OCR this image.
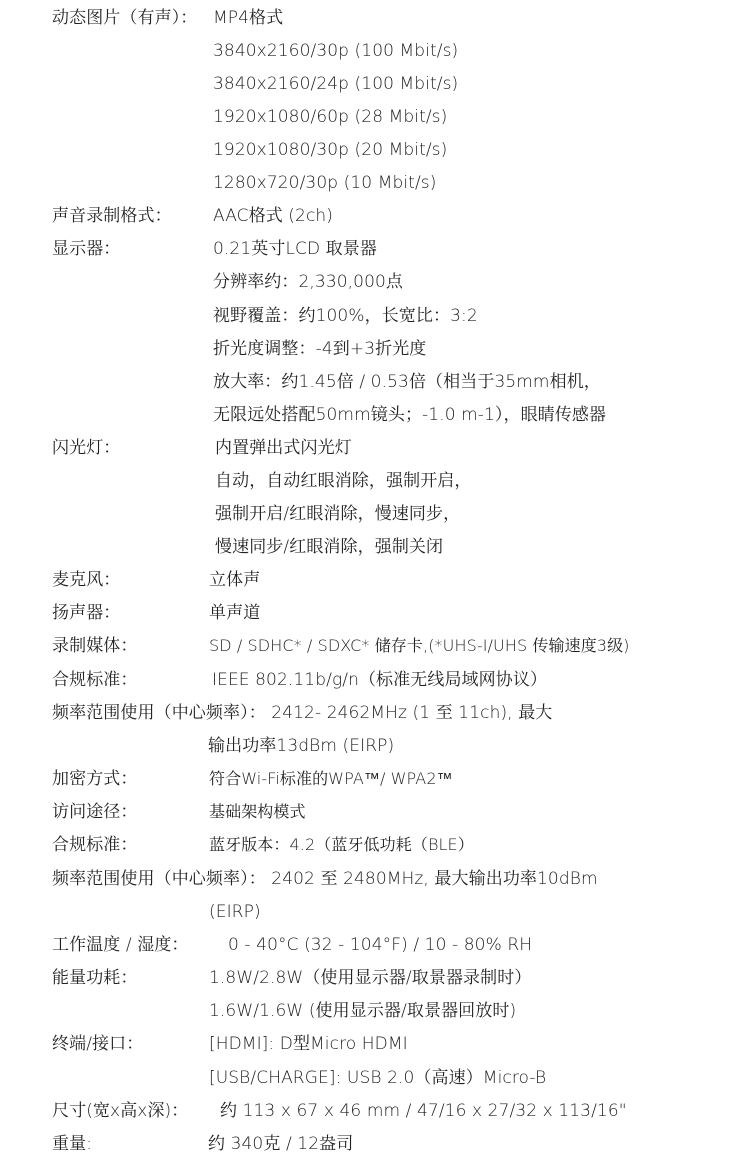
动态图片（有声）： MP4格式
3840x2160/30p (100 Mbit/s)
3840x2160/24p (100 Mbit/s)
1920x1080/60p (28 Mbit/s)
1920x1080/30p (20 Mbit/s)
1280x720/30p (10 Mbit/s)
声音录制格式： AAC格式 (2ch)
显示器：	0.21英寸LCD 取景器
分辨率约：2,330,000点
视野覆盖：约100%，长宽比：3:2
折光度调整：-4到+3折光度
放大率：约1.45倍 / 0.53倍（相当于35mm相机，
无限远处搭配50mm镜头；-1.0 m-1），眼睛传感器
闪光灯：	内置弹出式闪光灯
自动，自动红眼消除，强制开启，
强制开启/红眼消除，慢速同步，
慢速同步/红眼消除，强制关闭
麦克风：	立体声
扬声器：	单声道
录制媒体：	SD / SDHC* / SDXC* 储存卡,(*UHS-I/UHS 传输速度3级)
合规标准：	IEEE 802.11b/g/n（标准无线局域网协议）
频率范围使用（中心频率）： 2412- 2462MHz (1 至 11ch), 最大
输出功率13dBm (EIRP)
加密方式：	符合Wi-Fi标准的WPA™/ WPA2™
访问途径：	基础架构模式
合规标准：	蓝牙版本：4.2（蓝牙低功耗（BLE）
频率范围使用（中心频率）： 2402 至 2480MHz, 最大输出功率10dBm
(EIRP)
工作温度 / 湿度： 0 - 40°C (32 - 104°F) / 10 - 80% RH
能量功耗：	1.8W/2.8W（使用显示器/取景器录制时）
1.6W/1.6W (使用显示器/取景器回放时)
终端/接口：	[HDMI]: D型Micro HDMI
[USB/CHARGE]: USB 2.0（高速）Micro-B
尺寸(宽x高x深)： 约 113 x 67 x 46 mm / 47/16 x 27/32 x 113/16"
重量:	约 340克 / 12盎司
